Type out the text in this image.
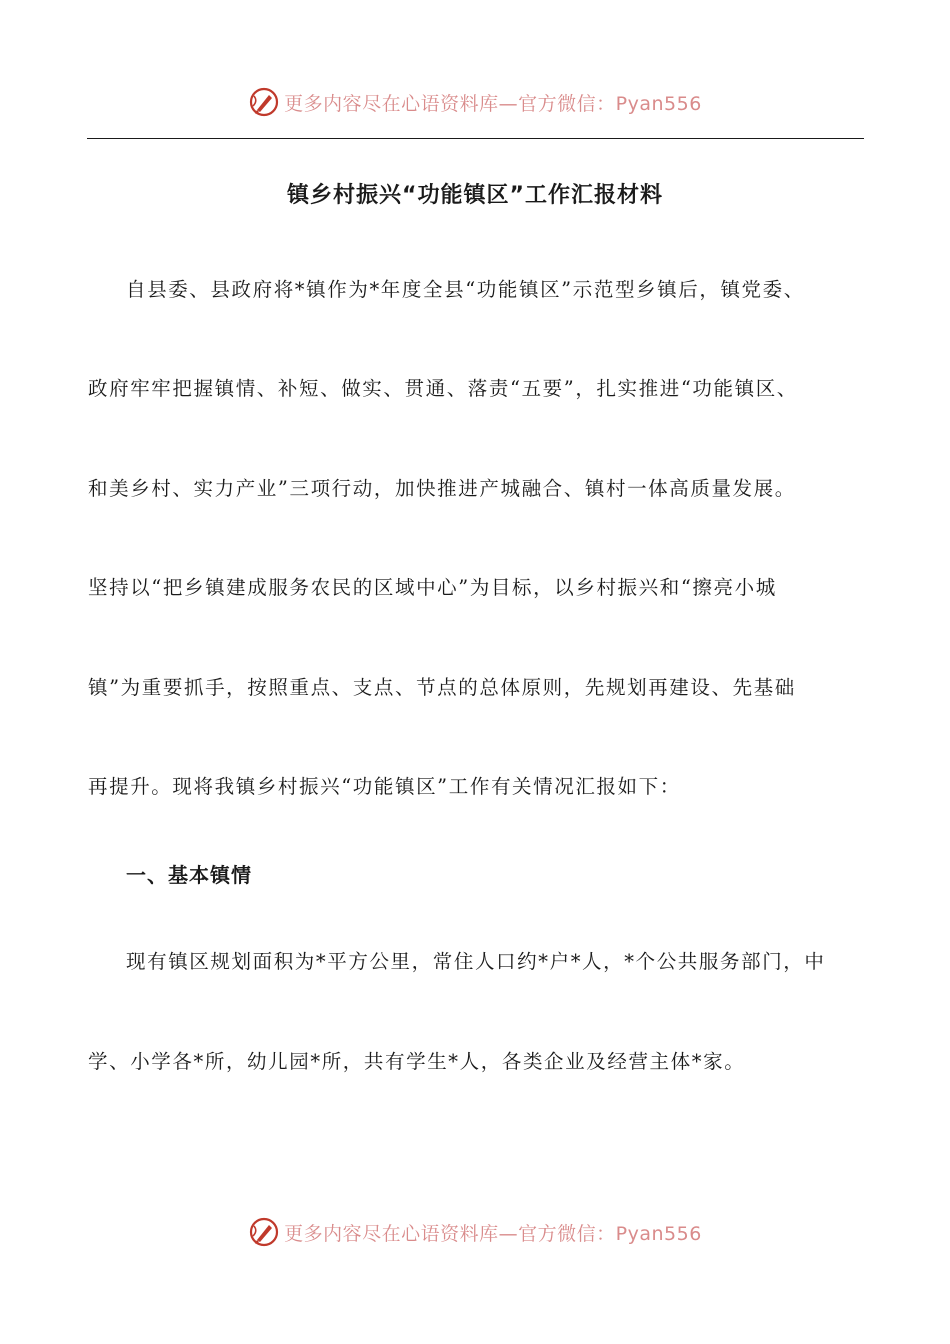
更多内容尽在心语资料库—官方微信：Pyan556
镇乡村振兴“功能镇区”工作汇报材料
自县委、县政府将*镇作为*年度全县“功能镇区”示范型乡镇后，镇党委、
政府牢牢把握镇情、补短、做实、贯通、落责“五要”，扎实推进“功能镇区、
和美乡村、实力产业”三项行动，加快推进产城融合、镇村一体高质量发展。
坚持以“把乡镇建成服务农民的区域中心”为目标，以乡村振兴和“擦亮小城
镇”为重要抓手，按照重点、支点、节点的总体原则，先规划再建设、先基础
再提升。现将我镇乡村振兴“功能镇区”工作有关情况汇报如下：
一、基本镇情
现有镇区规划面积为*平方公里，常住人口约*户*人，*个公共服务部门，中
学、小学各*所，幼儿园*所，共有学生*人，各类企业及经营主体*家。
更多内容尽在心语资料库—官方微信：Pyan556
